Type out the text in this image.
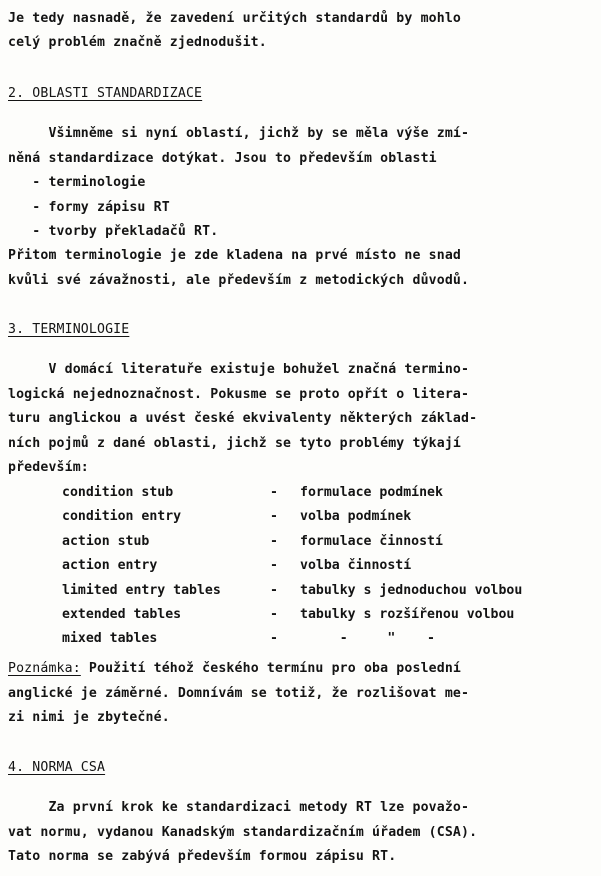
Je tedy nasnadě, že zavedení určitých standardů by mohlo
celý problém značně zjednodušit.
2. OBLASTI STANDARDIZACE
Všimněme si nyní oblastí, jichž by se měla výše zmí-
něná standardizace dotýkat. Jsou to především oblasti
- terminologie
- formy zápisu RT
- tvorby překladačů RT.
Přitom terminologie je zde kladena na prvé místo ne snad
kvůli své závažnosti, ale především z metodických důvodů.
3. TERMINOLOGIE
V domácí literatuře existuje bohužel značná termino-
logická nejednoznačnost. Pokusme se proto opřít o litera-
turu anglickou a uvést české ekvivalenty některých základ-
ních pojmů z dané oblasti, jichž se tyto problémy týkají
především:
condition stub	- formulace podmínek
condition entry	- volba podmínek
action stub	- formulace činností
action entry	- volba činností
limited entry tables	- tabulky s jednoduchou volbou
extended tables	- tabulky s rozšířenou volbou
mixed tables	- -     "    -
Poznámka: Použití téhož českého termínu pro oba poslední
anglické je záměrné. Domnívám se totiž, že rozlišovat me-
zi nimi je zbytečné.
4. NORMA CSA
Za první krok ke standardizaci metody RT lze považo-
vat normu, vydanou Kanadským standardizačním úřadem (CSA).
Tato norma se zabývá především formou zápisu RT.
